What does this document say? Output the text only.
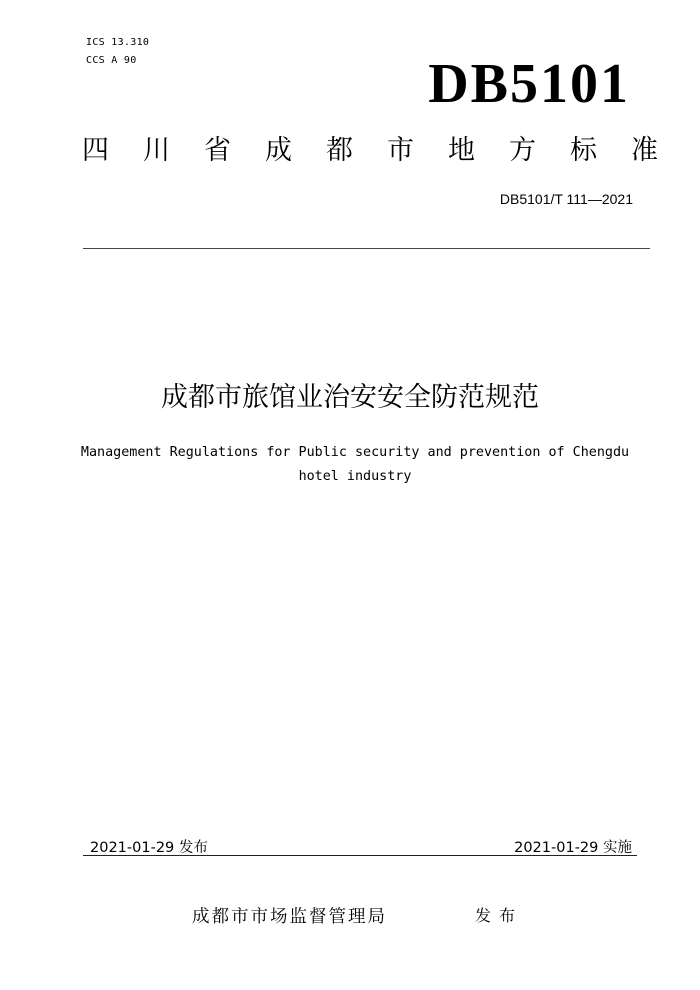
ICS 13.310
CCS A 90	DB5101
四 川 省 成 都 市 地 方 标 准
DB5101/T 111—2021
成都市旅馆业治安安全防范规范
Management Regulations for Public security and prevention of Chengdu
hotel industry
2021-01-29 发布	2021-01-29 实施
成都市市场监督管理局	发布
